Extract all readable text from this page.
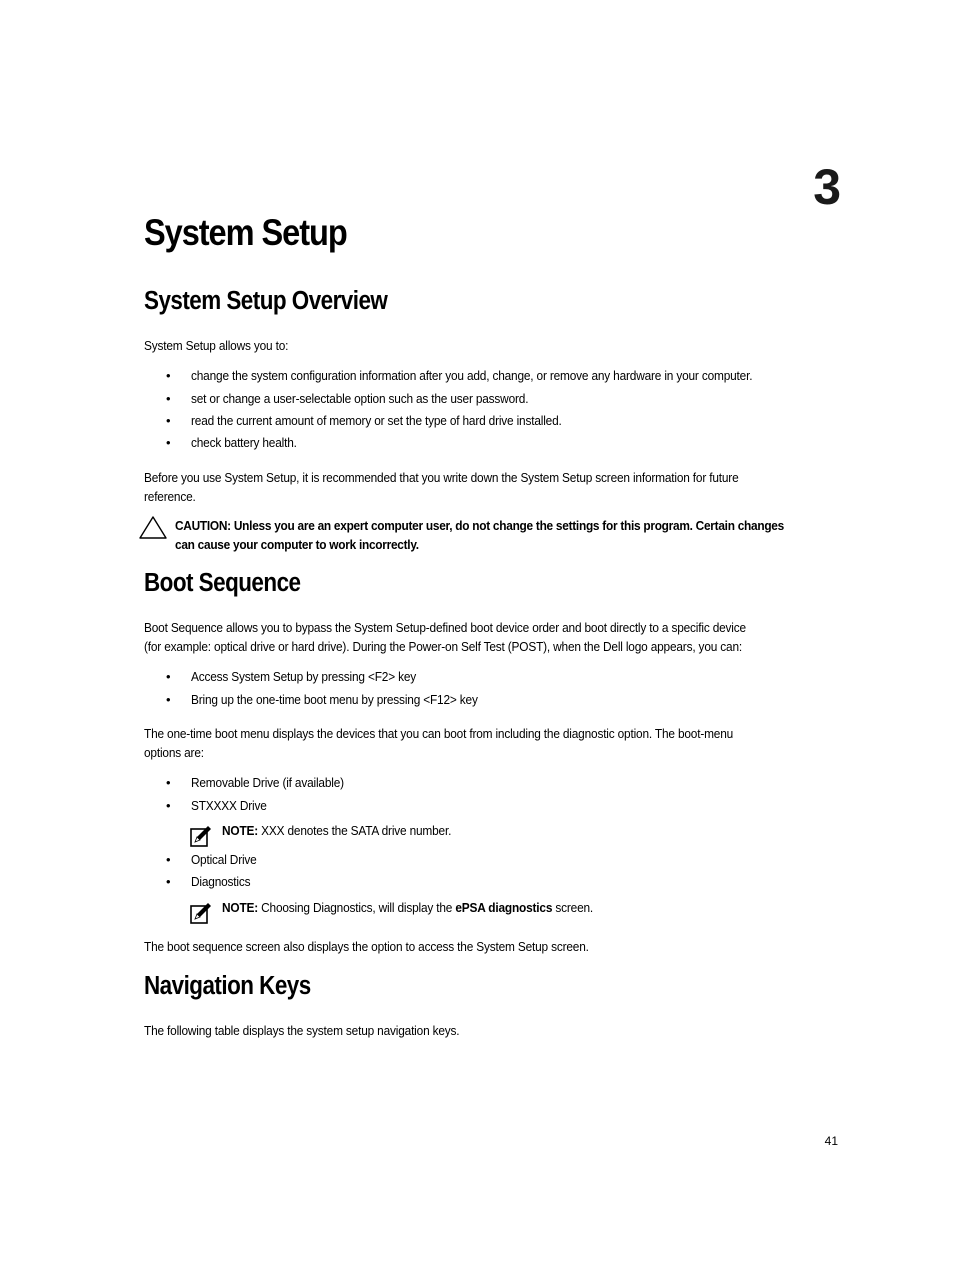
3
System Setup
System Setup Overview
System Setup allows you to:
• change the system configuration information after you add, change, or remove any hardware in your computer.
• set or change a user-selectable option such as the user password.
• read the current amount of memory or set the type of hard drive installed.
• check battery health.
Before you use System Setup, it is recommended that you write down the System Setup screen information for future
reference.
CAUTION: Unless you are an expert computer user, do not change the settings for this program. Certain changes
can cause your computer to work incorrectly.
Boot Sequence
Boot Sequence allows you to bypass the System Setup-defined boot device order and boot directly to a specific device
(for example: optical drive or hard drive). During the Power-on Self Test (POST), when the Dell logo appears, you can:
• Access System Setup by pressing <F2> key
• Bring up the one-time boot menu by pressing <F12> key
The one-time boot menu displays the devices that you can boot from including the diagnostic option. The boot-menu
options are:
• Removable Drive (if available)
• STXXXX Drive
NOTE: XXX denotes the SATA drive number.
• Optical Drive
• Diagnostics
NOTE: Choosing Diagnostics, will display the ePSA diagnostics screen.
The boot sequence screen also displays the option to access the System Setup screen.
Navigation Keys
The following table displays the system setup navigation keys.
41
